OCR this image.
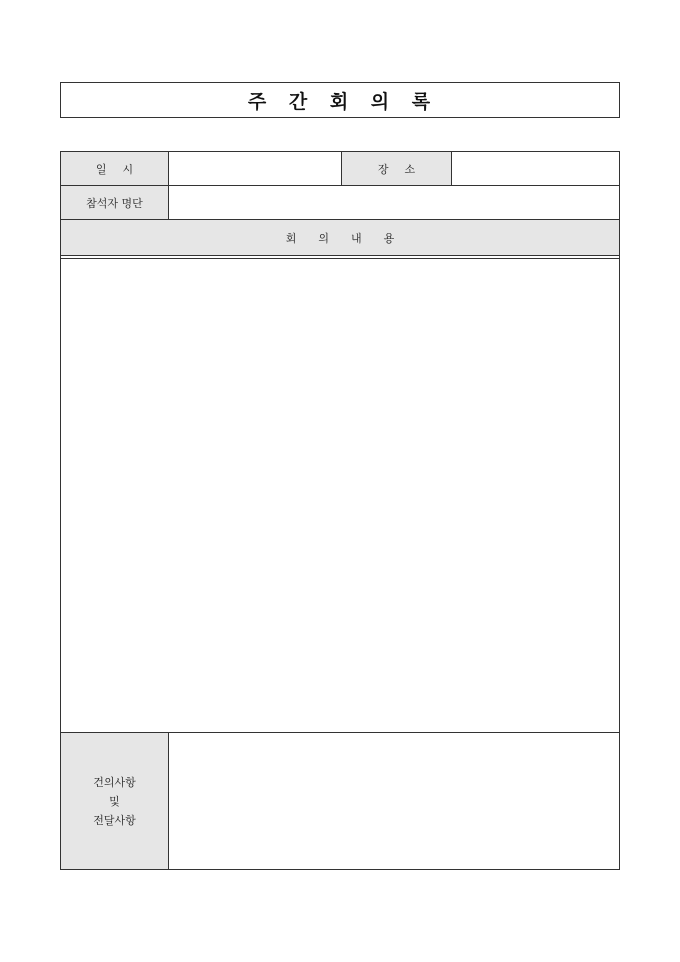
주 간 회 의 록
일시	장소
참석자 명단
회의내용
건의사항
및
전달사항
